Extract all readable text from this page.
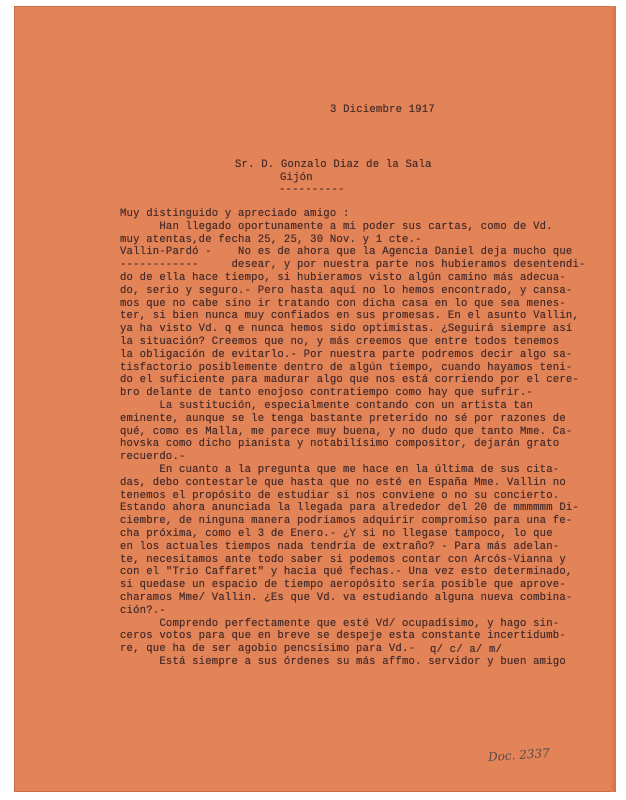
3 Diciembre 1917
Sr. D. Gonzalo Diaz de la Sala
Gijón
----------
Muy distinguido y apreciado amigo :
Han llegado oportunamente a mi poder sus cartas, como de Vd.
muy atentas,de fecha 25, 25, 30 Nov. y 1 cte.-
Vallin-Pardó -    No es de ahora que la Agencia Daniel deja mucho que
------------     desear, y por nuestra parte nos hubieramos desentendi-
do de ella hace tiempo, si hubieramos visto algún camino más adecua-
do, serio y seguro.- Pero hasta aquí no lo hemos encontrado, y cansa-
mos que no cabe sino ir tratando con dicha casa en lo que sea menes-
ter, si bien nunca muy confiados en sus promesas. En el asunto Vallin,
ya ha visto Vd. q e nunca hemos sido optimistas. ¿Seguirá siempre así
la situación? Creemos que no, y más creemos que entre todos tenemos
la obligación de evitarlo.- Por nuestra parte podremos decir algo sa-
tisfactorio posiblemente dentro de algún tiempo, cuando hayamos teni-
do el suficiente para madurar algo que nos está corriendo por el cere-
bro delante de tanto enojoso contratiempo como hay que sufrir.-
La sustitución, especialmente contando con un artista tan
eminente, aunque se le tenga bastante preterido no sé por razones de
qué, como es Malla, me parece muy buena, y no dudo que tanto Mme. Ca-
hovska como dicho pianista y notabilísimo compositor, dejarán grato
recuerdo.-
En cuanto a la pregunta que me hace en la última de sus cita-
das, debo contestarle que hasta que no esté en España Mme. Vallin no
tenemos el propósito de estudiar si nos conviene o no su concierto.
Estando ahora anunciada la llegada para alrededor del 20 de mmmmmm Di-
ciembre, de ninguna manera podriamos adquirir compromiso para una fe-
cha próxima, como el 3 de Enero.- ¿Y si no llegase tampoco, lo que
en los actuales tiempos nada tendría de extraño? - Para más adelan-
te, necesitamos ante todo saber si podemos contar con Arcós-Vianna y
con el "Trio Caffaret" y hacia qué fechas.- Una vez esto determinado,
si quedase un espacio de tiempo aeropósito sería posible que aprove-
charamos Mme/ Vallin. ¿Es que Vd. va estudiando alguna nueva combina-
ción?.-
Comprendo perfectamente que esté Vd/ ocupadísimo, y hago sin-
ceros votos para que en breve se despeje esta constante incertidumb-
re, que ha de ser agobio pencsísimo para Vd.-
Está siempre a sus órdenes su más affmo. servidor y buen amigo
q/ c/ a/ m/
Doc. 2337
